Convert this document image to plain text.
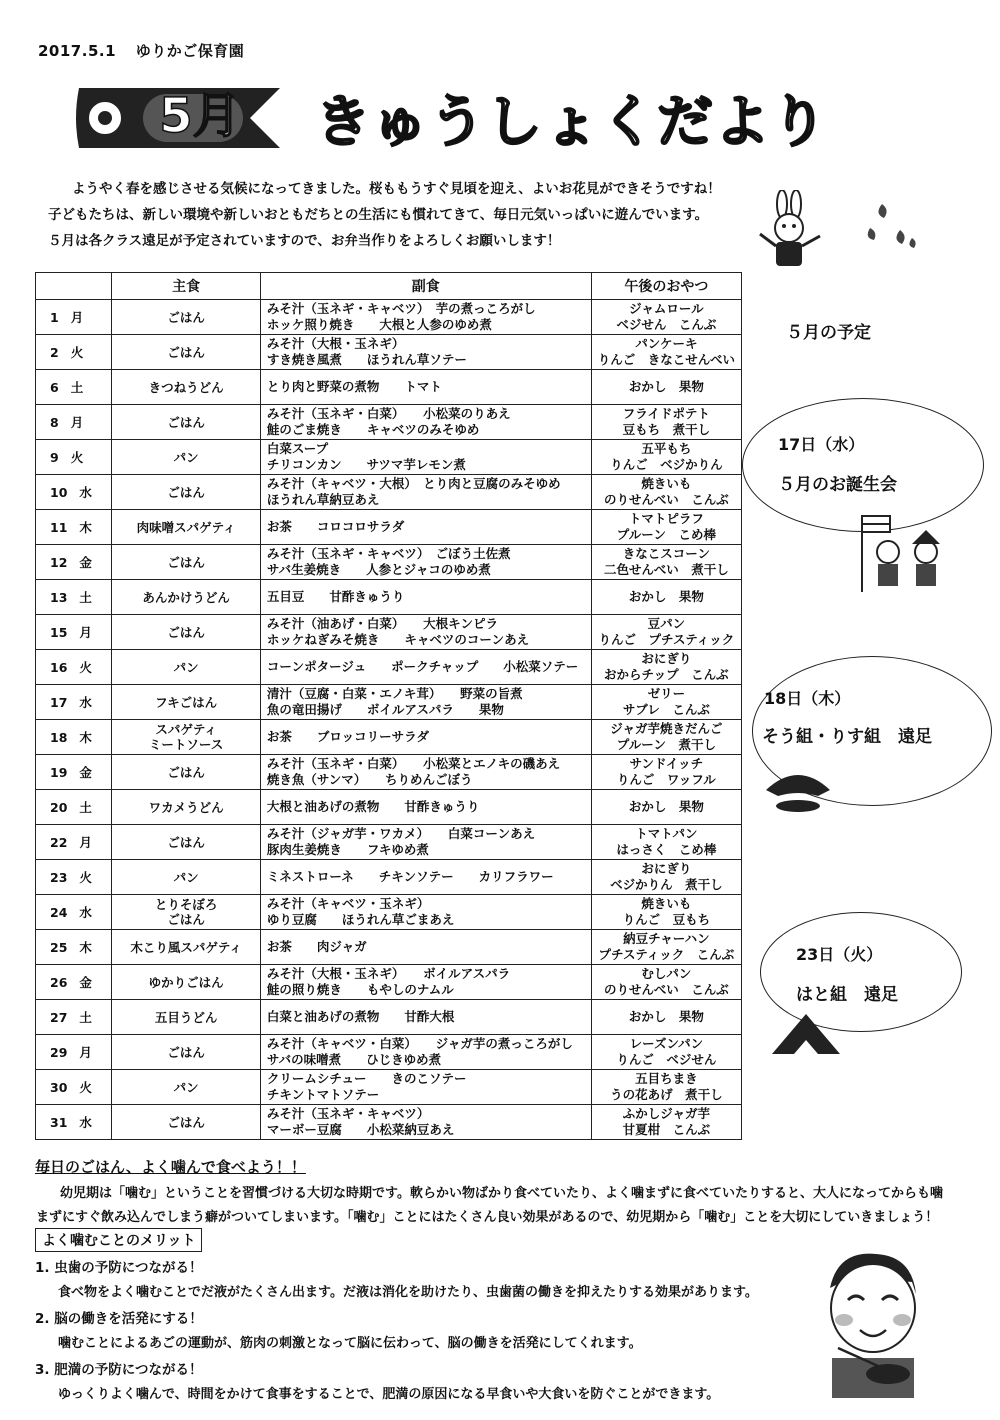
2017.5.1 ゆりかご保育園
5月 きゅうしょくだより
ようやく春を感じさせる気候になってきました。桜ももうすぐ見頃を迎え、よいお花見ができそうですね！
子どもたちは、新しい環境や新しいおともだちとの生活にも慣れてきて、毎日元気いっぱいに遊んでいます。
５月は各クラス遠足が予定されていますので、お弁当作りをよろしくお願いします！
	主食	副食	午後のおやつ
1 月	ごはん	みそ汁（玉ネギ・キャベツ）　芋の煮っころがし
ホッケ照り焼き　　大根と人参のゆめ煮	ジャムロール
ベジせん　こんぶ
2 火	ごはん	みそ汁（大根・玉ネギ）
すき焼き風煮　　ほうれん草ソテー	パンケーキ
りんご　きなこせんべい
6 土	きつねうどん	とり肉と野菜の煮物　　トマト	おかし　果物
8 月	ごはん	みそ汁（玉ネギ・白菜）　　小松菜のりあえ
鮭のごま焼き　　キャベツのみそゆめ	フライドポテト
豆もち　煮干し
9 火	パン	白菜スープ
チリコンカン　　サツマ芋レモン煮	五平もち
りんご　ベジかりん
10 水	ごはん	みそ汁（キャベツ・大根）　とり肉と豆腐のみそゆめ
ほうれん草納豆あえ	焼きいも
のりせんべい　こんぶ
11 木	肉味噌スパゲティ	お茶　　コロコロサラダ	トマトピラフ
プルーン　こめ棒
12 金	ごはん	みそ汁（玉ネギ・キャベツ）　ごぼう土佐煮
サバ生姜焼き　　人参とジャコのゆめ煮	きなこスコーン
二色せんべい　煮干し
13 土	あんかけうどん	五目豆　　甘酢きゅうり	おかし　果物
15 月	ごはん	みそ汁（油あげ・白菜）　　大根キンピラ
ホッケねぎみそ焼き　　キャベツのコーンあえ	豆パン
りんご　プチスティック
16 火	パン	コーンポタージュ　　ポークチャップ　　小松菜ソテー	おにぎり
おからチップ　こんぶ
17 水	フキごはん	清汁（豆腐・白菜・エノキ茸）　　野菜の旨煮
魚の竜田揚げ　　ボイルアスパラ　　果物	ゼリー
サブレ　こんぶ
18 木	スパゲティ
ミートソース	お茶　　ブロッコリーサラダ	ジャガ芋焼きだんご
プルーン　煮干し
19 金	ごはん	みそ汁（玉ネギ・白菜）　　小松菜とエノキの磯あえ
焼き魚（サンマ）　　ちりめんごぼう	サンドイッチ
りんご　ワッフル
20 土	ワカメうどん	大根と油あげの煮物　　甘酢きゅうり	おかし　果物
22 月	ごはん	みそ汁（ジャガ芋・ワカメ）　　白菜コーンあえ
豚肉生姜焼き　　フキゆめ煮	トマトパン
はっさく　こめ棒
23 火	パン	ミネストローネ　　チキンソテー　　カリフラワー	おにぎり
ベジかりん　煮干し
24 水	とりそぼろ
ごはん	みそ汁（キャベツ・玉ネギ）
ゆり豆腐　　ほうれん草ごまあえ	焼きいも
りんご　豆もち
25 木	木こり風スパゲティ	お茶　　肉ジャガ	納豆チャーハン
プチスティック　こんぶ
26 金	ゆかりごはん	みそ汁（大根・玉ネギ）　　ボイルアスパラ
鮭の照り焼き　　もやしのナムル	むしパン
のりせんべい　こんぶ
27 土	五目うどん	白菜と油あげの煮物　　甘酢大根	おかし　果物
29 月	ごはん	みそ汁（キャベツ・白菜）　　ジャガ芋の煮っころがし
サバの味噌煮　　ひじきゆめ煮	レーズンパン
りんご　ベジせん
30 火	パン	クリームシチュー　　きのこソテー
チキントマトソテー	五目ちまき
うの花あげ　煮干し
31 水	ごはん	みそ汁（玉ネギ・キャベツ）
マーボー豆腐　　小松菜納豆あえ	ふかしジャガ芋
甘夏柑　こんぶ
５月の予定
17日（水）
５月のお誕生会
18日（木）
そう組・りす組　遠足
23日（火）
はと組　遠足
毎日のごはん、よく噛んで食べよう！！
幼児期は「噛む」ということを習慣づける大切な時期です。軟らかい物ばかり食べていたり、よく噛まずに食べていたりすると、大人になってからも噛
まずにすぐ飲み込んでしまう癖がついてしまいます。「噛む」ことにはたくさん良い効果があるので、幼児期から「噛む」ことを大切にしていきましょう！
よく噛むことのメリット
1. 虫歯の予防につながる！
食べ物をよく噛むことでだ液がたくさん出ます。だ液は消化を助けたり、虫歯菌の働きを抑えたりする効果があります。
2. 脳の働きを活発にする！
噛むことによるあごの運動が、筋肉の刺激となって脳に伝わって、脳の働きを活発にしてくれます。
3. 肥満の予防につながる！
ゆっくりよく噛んで、時間をかけて食事をすることで、肥満の原因になる早食いや大食いを防ぐことができます。
